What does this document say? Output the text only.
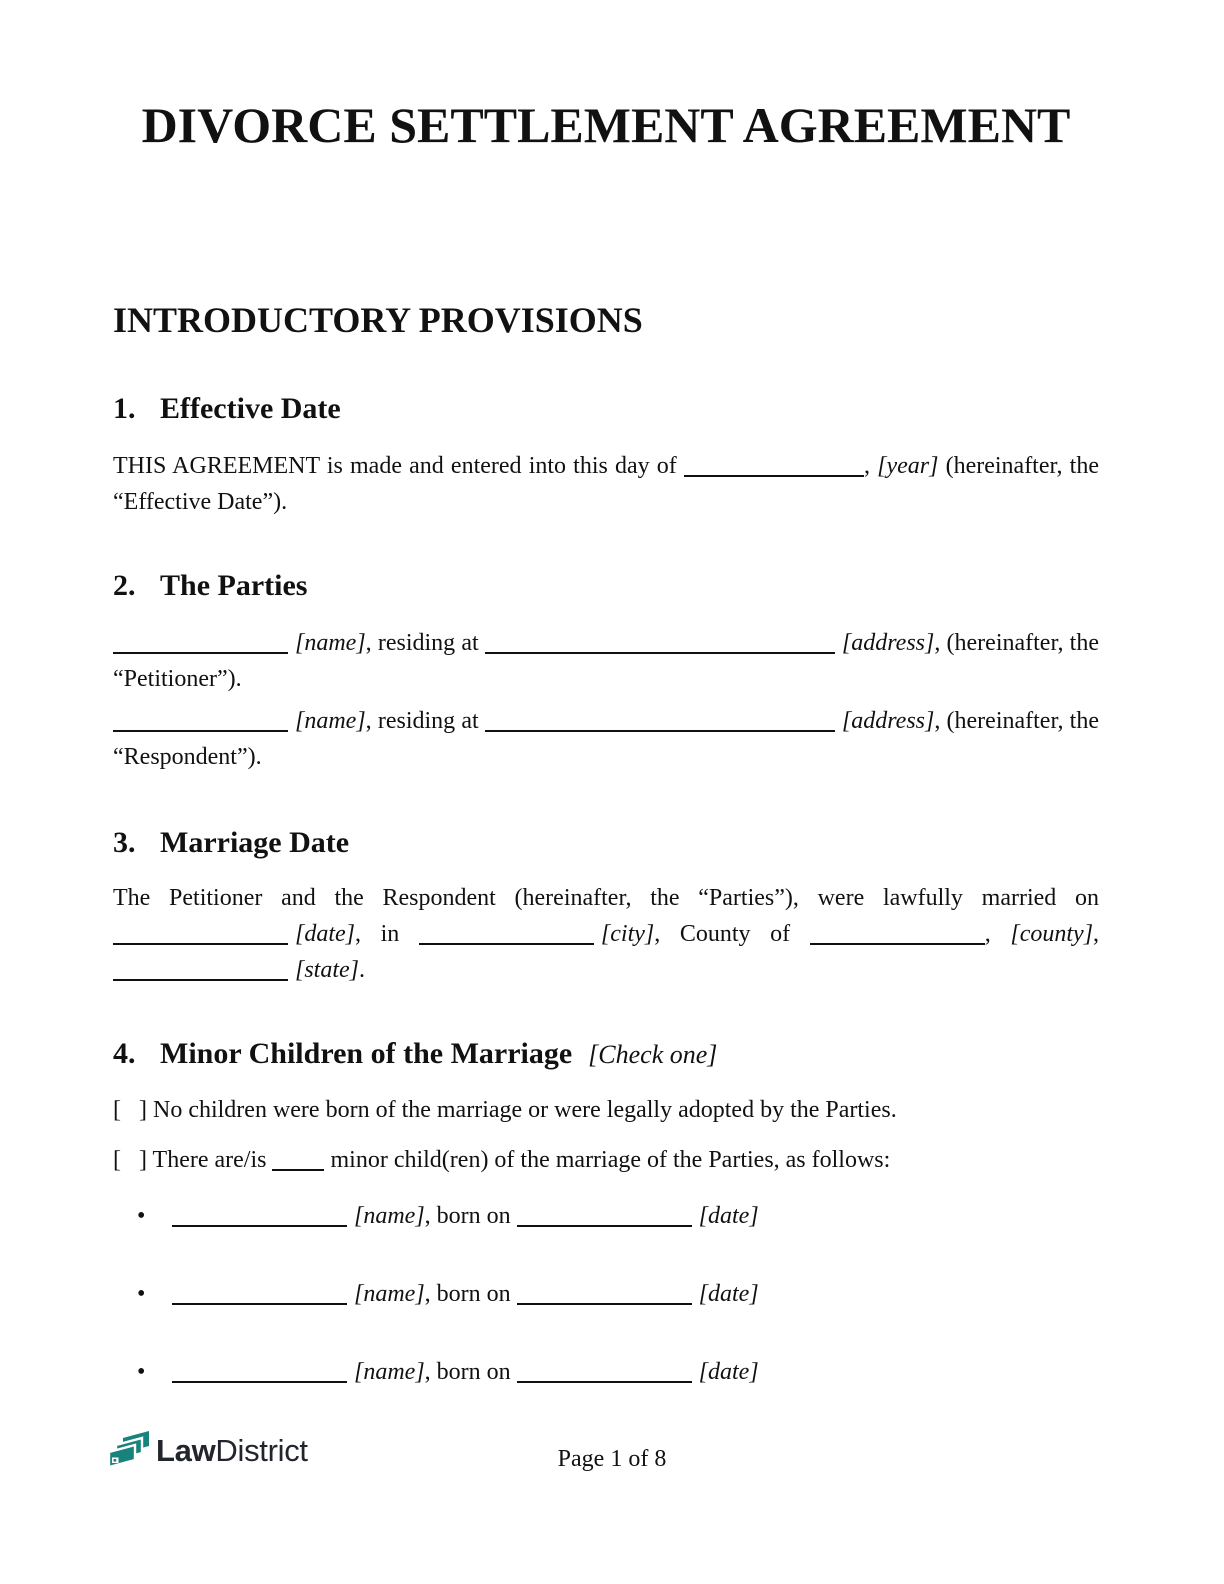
DIVORCE SETTLEMENT AGREEMENT
INTRODUCTORY PROVISIONS
1. Effective Date

THIS AGREEMENT is made and entered into this day of	, [year] (hereinafter, the “Effective Date”).

2. The Parties

[name], residing at	[address], (hereinafter, the “Petitioner”).

[name], residing at	[address], (hereinafter, the “Respondent”).

3. Marriage Date

The Petitioner and the Respondent (hereinafter, the “Parties”), were lawfully married on [date], in	[city], County of	, [county], [state].

4. Minor Children of the Marriage [Check one]

[   ] No children were born of the marriage or were legally adopted by the Parties.

[   ] There are/is  minor child(ren) of the marriage of the Parties, as follows:

•	[name], born on	[date]

•	[name], born on	[date]

•	[name], born on	[date]

LawDistrict	Page 1 of 8
